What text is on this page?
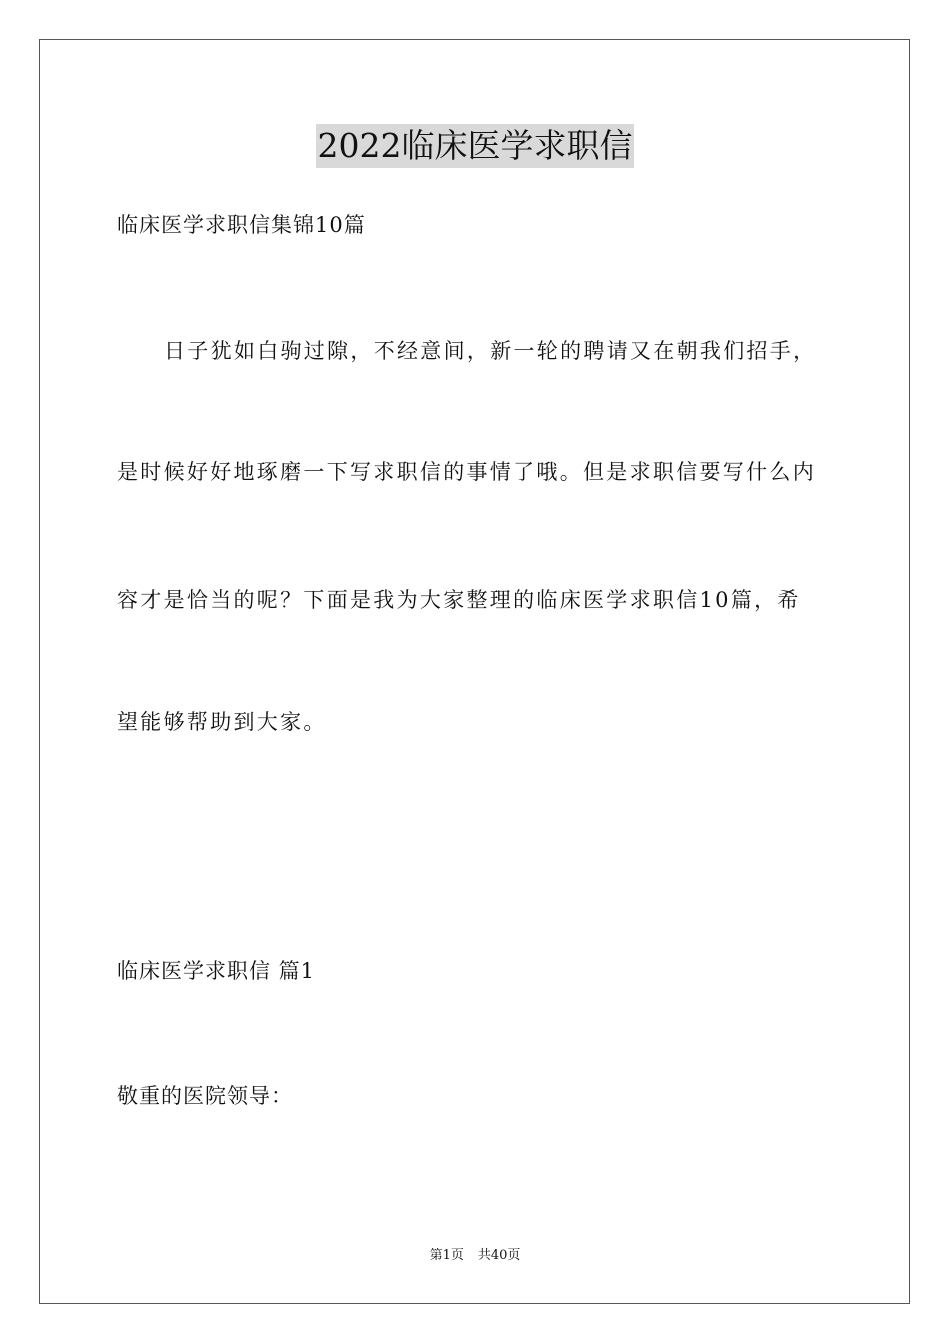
2022临床医学求职信
临床医学求职信集锦10篇
日子犹如白驹过隙，不经意间，新一轮的聘请又在朝我们招手，
是时候好好地琢磨一下写求职信的事情了哦。但是求职信要写什么内
容才是恰当的呢？下面是我为大家整理的临床医学求职信10篇，希
望能够帮助到大家。
临床医学求职信 篇1
敬重的医院领导：
第1页 共40页
